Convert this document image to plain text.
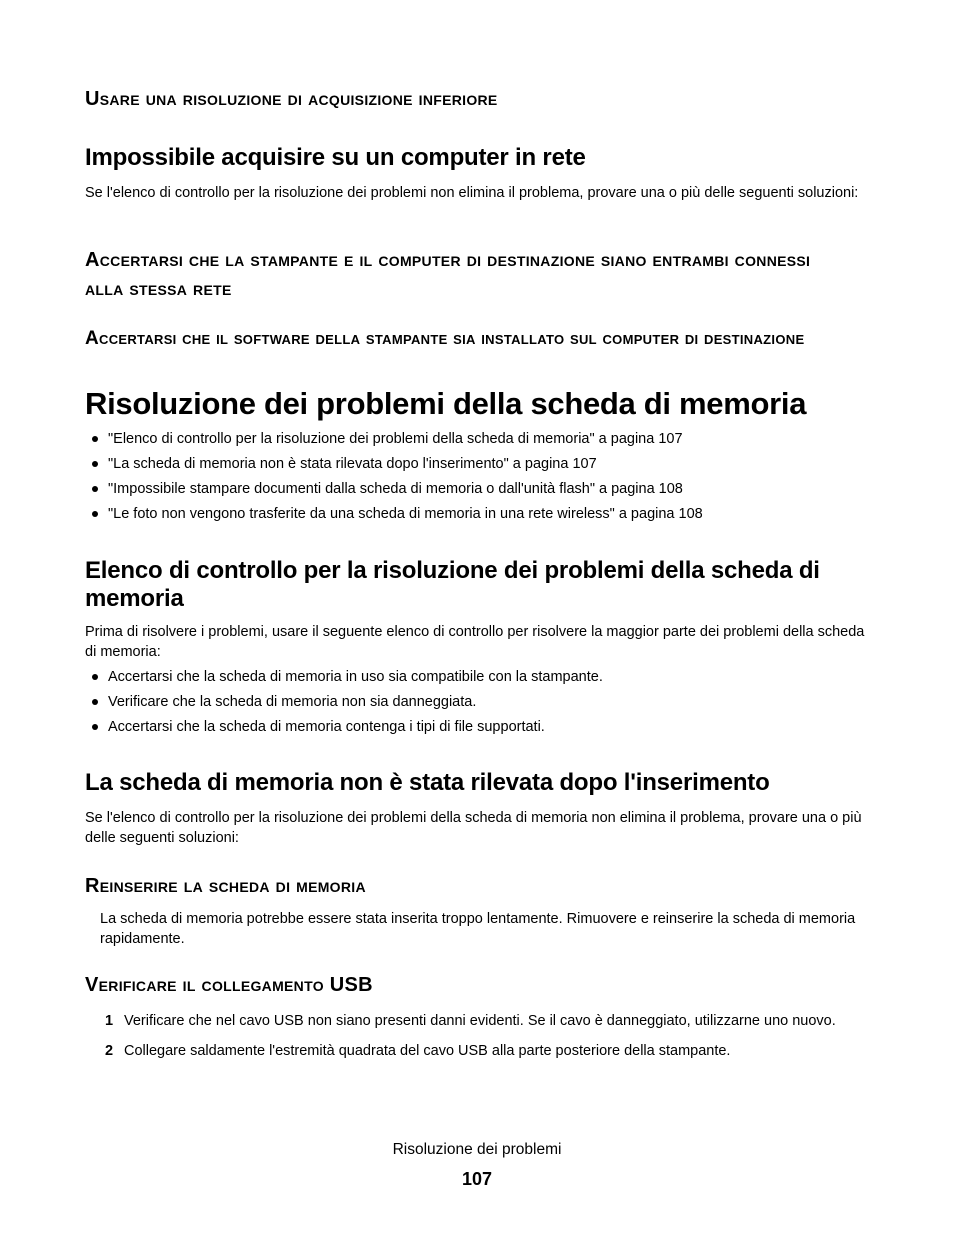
Usare una risoluzione di acquisizione inferiore
Impossibile acquisire su un computer in rete
Se l'elenco di controllo per la risoluzione dei problemi non elimina il problema, provare una o più delle seguenti soluzioni:
Accertarsi che la stampante e il computer di destinazione siano entrambi connessi
alla stessa rete
Accertarsi che il software della stampante sia installato sul computer di destinazione
Risoluzione dei problemi della scheda di memoria
"Elenco di controllo per la risoluzione dei problemi della scheda di memoria" a pagina 107
"La scheda di memoria non è stata rilevata dopo l'inserimento" a pagina 107
"Impossibile stampare documenti dalla scheda di memoria o dall'unità flash" a pagina 108
"Le foto non vengono trasferite da una scheda di memoria in una rete wireless" a pagina 108
Elenco di controllo per la risoluzione dei problemi della scheda di memoria
Prima di risolvere i problemi, usare il seguente elenco di controllo per risolvere la maggior parte dei problemi della scheda di memoria:
Accertarsi che la scheda di memoria in uso sia compatibile con la stampante.
Verificare che la scheda di memoria non sia danneggiata.
Accertarsi che la scheda di memoria contenga i tipi di file supportati.
La scheda di memoria non è stata rilevata dopo l'inserimento
Se l'elenco di controllo per la risoluzione dei problemi della scheda di memoria non elimina il problema, provare una o più delle seguenti soluzioni:
Reinserire la scheda di memoria
La scheda di memoria potrebbe essere stata inserita troppo lentamente. Rimuovere e reinserire la scheda di memoria rapidamente.
Verificare il collegamento USB
1 Verificare che nel cavo USB non siano presenti danni evidenti. Se il cavo è danneggiato, utilizzarne uno nuovo.
2 Collegare saldamente l'estremità quadrata del cavo USB alla parte posteriore della stampante.
Risoluzione dei problemi
107
